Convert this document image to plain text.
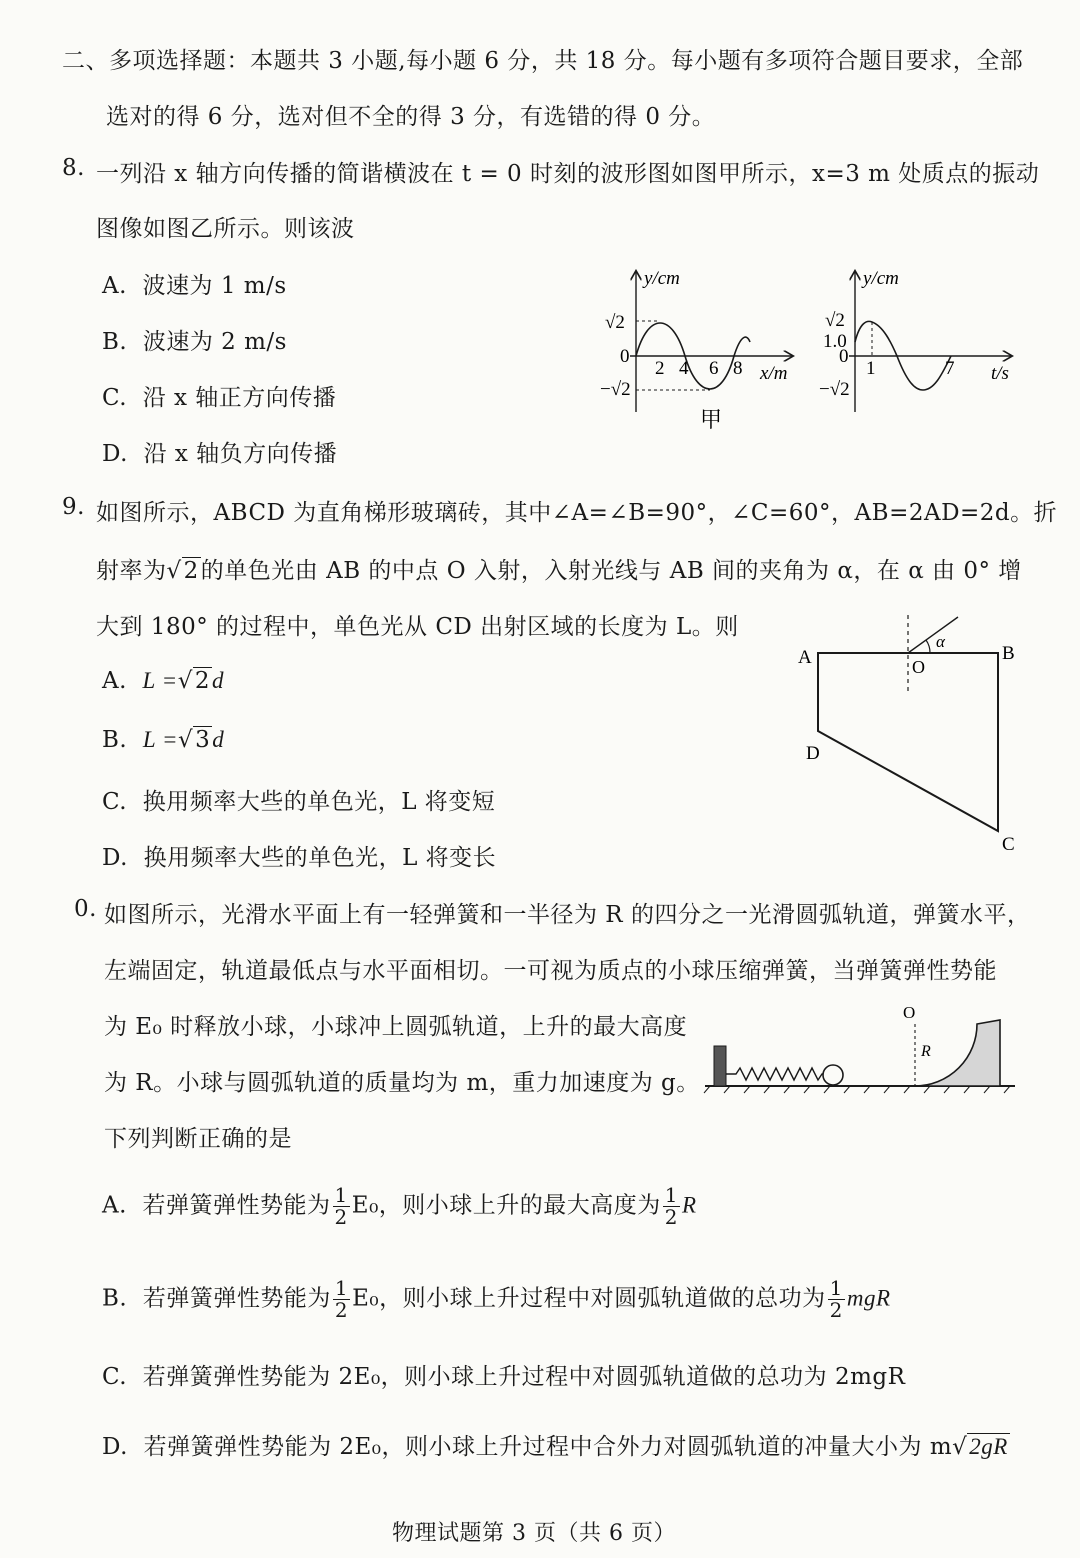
二、多项选择题：本题共 3 小题,每小题 6 分，共 18 分。每小题有多项符合题目要求，全部
选对的得 6 分，选对但不全的得 3 分，有选错的得 0 分。
8. 一列沿 x 轴方向传播的简谐横波在 t = 0 时刻的波形图如图甲所示，x=3 m 处质点的振动
图像如图乙所示。则该波
A. 波速为 1 m/s
B. 波速为 2 m/s
C. 沿 x 轴正方向传播
D. 沿 x 轴负方向传播
y/cm
√2
0
−√2
2 4 6 8 x/m
甲
y/cm
√2
1.0
0
−√2
1	7 t/s
9. 如图所示，ABCD 为直角梯形玻璃砖，其中∠A=∠B=90°，∠C=60°，AB=2AD=2d。折
射率为√2的单色光由 AB 的中点 O 入射，入射光线与 AB 间的夹角为 α，在 α 由 0° 增
大到 180° 的过程中，单色光从 CD 出射区域的长度为 L。则
A. L =√2d
B. L =√3d
C. 换用频率大些的单色光，L 将变短
D. 换用频率大些的单色光，L 将变长
A	B
C
D
O
α
0. 如图所示，光滑水平面上有一轻弹簧和一半径为 R 的四分之一光滑圆弧轨道，弹簧水平，
左端固定，轨道最低点与水平面相切。一可视为质点的小球压缩弹簧，当弹簧弹性势能
为 E₀ 时释放小球，小球冲上圆弧轨道，上升的最大高度
为 R。小球与圆弧轨道的质量均为 m，重力加速度为 g。
下列判断正确的是
O
R
A. 若弹簧弹性势能为 $\frac{1}{2} E_0$，则小球上升的最大高度为 $\frac{1}{2}$ R
B. 若弹簧弹性势能为 $\frac{1}{2} E_0$，则小球上升过程中对圆弧轨道做的总功为 $\frac{1}{2}$ mgR
C. 若弹簧弹性势能为 2E₀，则小球上升过程中对圆弧轨道做的总功为 2mgR
D. 若弹簧弹性势能为 2E₀，则小球上升过程中合外力对圆弧轨道的冲量大小为 m√2gR
物理试题第 3 页（共 6 页）
